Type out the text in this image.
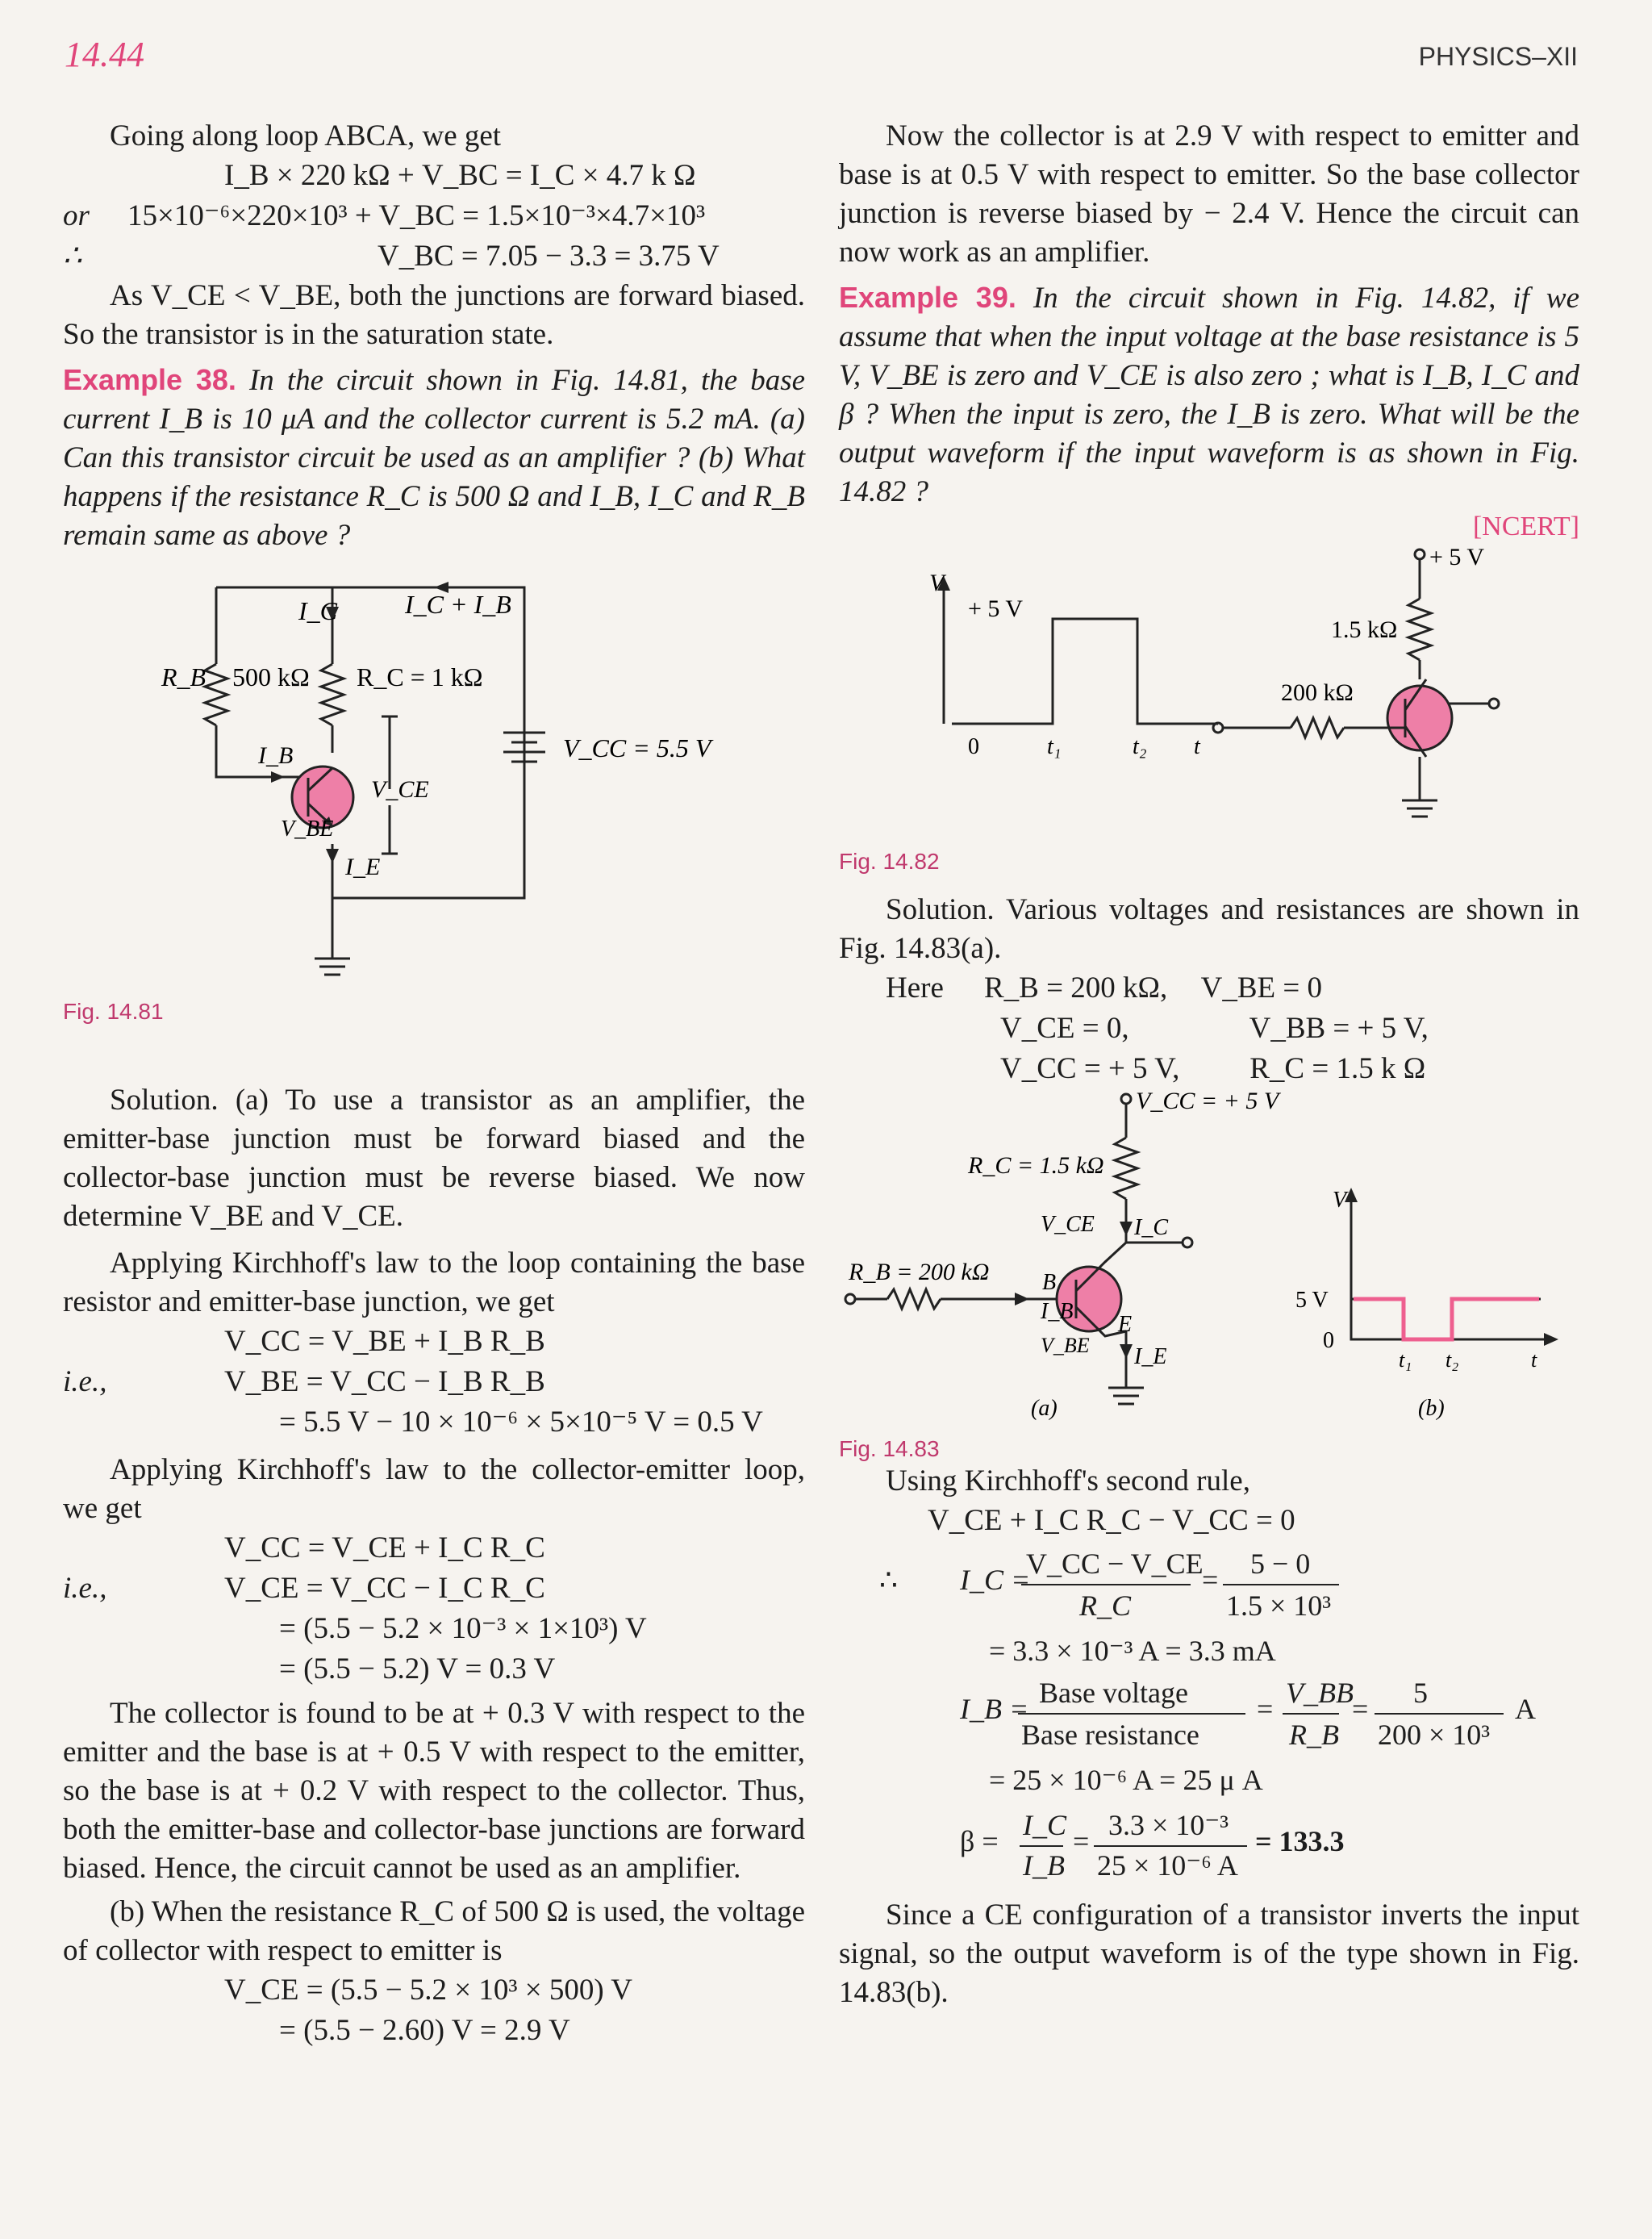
14.44	PHYSICS–XII

Going along loop ABCA, we get

I_B × 220 kΩ + V_BC = I_C × 4.7 k Ω
or 15×10⁻⁶×220×10³ + V_BC = 1.5×10⁻³×4.7×10³
∴	V_BC = 7.05 − 3.3 = 3.75 V

As V_CE < V_BE, both the junctions are forward biased. So the transistor is in the saturation state.

Example 38. In the circuit shown in Fig. 14.81, the base current I_B is 10 μA and the collector current is 5.2 mA. (a) Can this transistor circuit be used as an amplifier ? (b) What happens if the resistance R_C is 500 Ω and I_B, I_C and R_B remain same as above ?

R_B 500 kΩ R_C = 1 kΩ
I_C	I_C + I_B
I_B
V_CE
V_BE
I_E
V_CC = 5.5 V
Fig. 14.81

Solution. (a) To use a transistor as an amplifier, the emitter-base junction must be forward biased and the collector-base junction must be reverse biased. We now determine V_BE and V_CE.

Applying Kirchhoff's law to the loop containing the base resistor and emitter-base junction, we get

V_CC = V_BE + I_B R_B
i.e.,	V_BE = V_CC − I_B R_B
= 5.5 V − 10 × 10⁻⁶ × 5×10⁻⁵ V = 0.5 V

Applying Kirchhoff's law to the collector-emitter loop, we get

V_CC = V_CE + I_C R_C
i.e.,	V_CE = V_CC − I_C R_C
= (5.5 − 5.2 × 10⁻³ × 1×10³) V
= (5.5 − 5.2) V = 0.3 V

The collector is found to be at + 0.3 V with respect to the emitter and the base is at + 0.5 V with respect to the emitter, so the base is at + 0.2 V with respect to the collector. Thus, both the emitter-base and collector-base junctions are forward biased. Hence, the circuit cannot be used as an amplifier.

(b) When the resistance R_C of 500 Ω is used, the voltage of collector with respect to emitter is

V_CE = (5.5 − 5.2 × 10³ × 500) V
= (5.5 − 2.60) V = 2.9 V

Now the collector is at 2.9 V with respect to emitter and base is at 0.5 V with respect to emitter. So the base collector junction is reverse biased by − 2.4 V. Hence the circuit can now work as an amplifier.

Example 39. In the circuit shown in Fig. 14.82, if we assume that when the input voltage at the base resistance is 5 V, V_BE is zero and V_CE is also zero ; what is I_B, I_C and β ? When the input is zero, the I_B is zero. What will be the output waveform if the input waveform is as shown in Fig. 14.82 ?

[NCERT]
V
+ 5 V
0	t₁	t₂ t
+ 5 V
1.5 kΩ
200 kΩ
Fig. 14.82

Solution. Various voltages and resistances are shown in Fig. 14.83(a).

Here R_B = 200 kΩ, V_BE = 0
V_CE = 0,	V_BB = + 5 V,
V_CC = + 5 V, R_C = 1.5 k Ω
V_CC = + 5 V
R_C = 1.5 kΩ
R_B = 200 kΩ
V_CE I_C
B
I_B
E
V_BE I_E
(a)
V
5 V
0
t₁ t₂	t
(b)
Fig. 14.83

Using Kirchhoff's second rule,

V_CE + I_C R_C − V_CC = 0
∴ I_C =
V_CC − V_CE
R_C
= 5 − 0
1.5 × 10³
= 3.3 × 10⁻³ A = 3.3 mA
I_B = Base voltage
Base resistance
= V_BB
R_B
= 5
200 × 10³
A
= 25 × 10⁻⁶ A = 25 μ A
β = I_C
I_B
= 3.3 × 10⁻³
25 × 10⁻⁶ A
= 133.3

Since a CE configuration of a transistor inverts the input signal, so the output waveform is of the type shown in Fig. 14.83(b).
